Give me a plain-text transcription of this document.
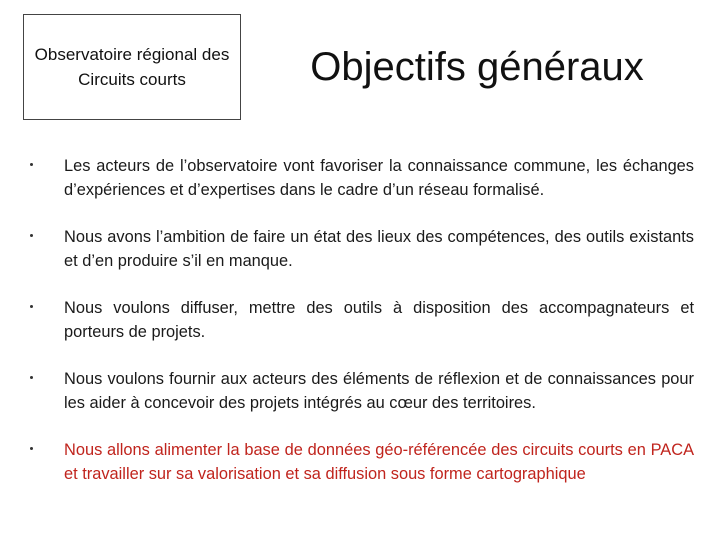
Observatoire régional des Circuits courts	Objectifs généraux
Les acteurs de l’observatoire vont favoriser la connaissance commune, les échanges d’expériences et d’expertises dans le cadre d’un réseau formalisé.
Nous avons l’ambition de faire un état des lieux des compétences, des outils existants et d’en produire s’il en manque.
Nous voulons diffuser, mettre des outils à disposition des accompagnateurs et porteurs de projets.
Nous voulons fournir aux acteurs des éléments de réflexion et de connaissances pour les aider à concevoir des projets intégrés au cœur des territoires.
Nous allons alimenter la base de données géo-référencée des circuits courts en PACA et travailler sur sa valorisation et sa diffusion sous forme cartographique
